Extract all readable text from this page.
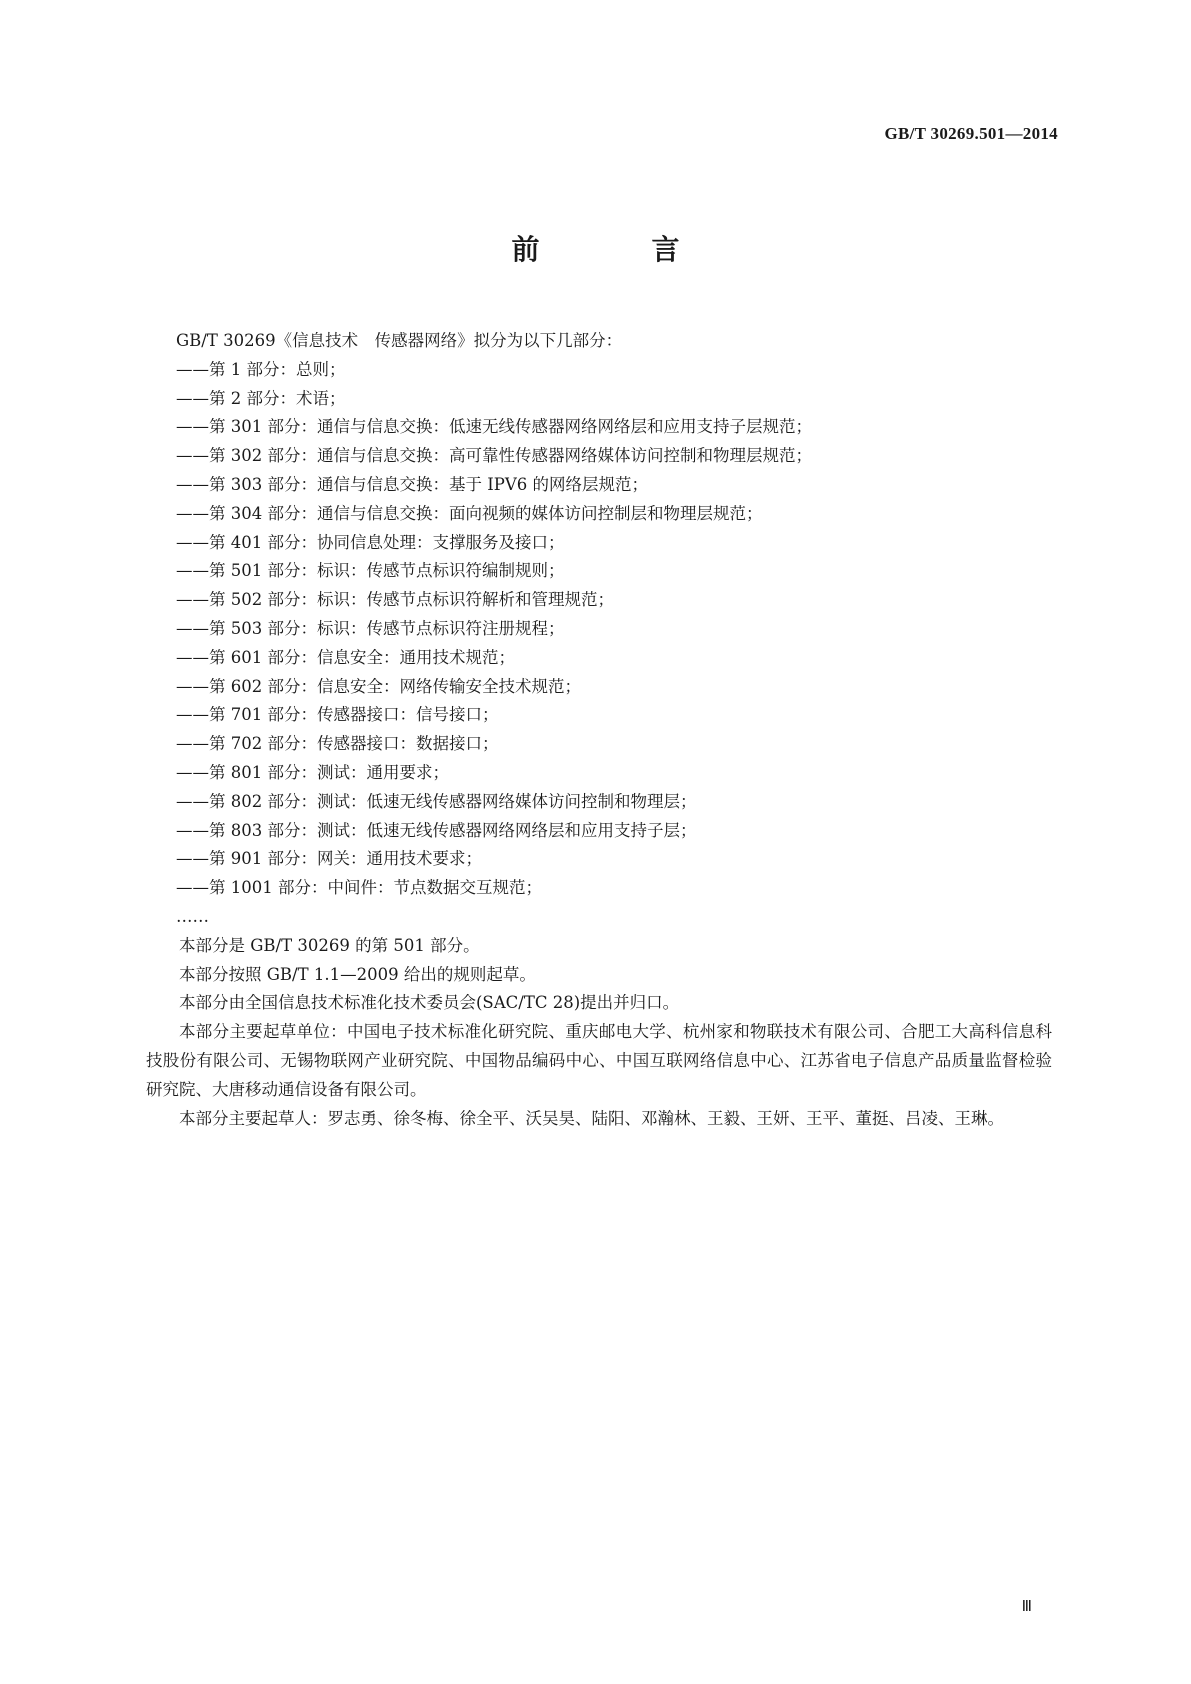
GB/T 30269.501—2014
前　言
GB/T 30269《信息技术　传感器网络》拟分为以下几部分：
——第 1 部分：总则；
——第 2 部分：术语；
——第 301 部分：通信与信息交换：低速无线传感器网络网络层和应用支持子层规范；
——第 302 部分：通信与信息交换：高可靠性传感器网络媒体访问控制和物理层规范；
——第 303 部分：通信与信息交换：基于 IPV6 的网络层规范；
——第 304 部分：通信与信息交换：面向视频的媒体访问控制层和物理层规范；
——第 401 部分：协同信息处理：支撑服务及接口；
——第 501 部分：标识：传感节点标识符编制规则；
——第 502 部分：标识：传感节点标识符解析和管理规范；
——第 503 部分：标识：传感节点标识符注册规程；
——第 601 部分：信息安全：通用技术规范；
——第 602 部分：信息安全：网络传输安全技术规范；
——第 701 部分：传感器接口：信号接口；
——第 702 部分：传感器接口：数据接口；
——第 801 部分：测试：通用要求；
——第 802 部分：测试：低速无线传感器网络媒体访问控制和物理层；
——第 803 部分：测试：低速无线传感器网络网络层和应用支持子层；
——第 901 部分：网关：通用技术要求；
——第 1001 部分：中间件：节点数据交互规范；
……

本部分是 GB/T 30269 的第 501 部分。

本部分按照 GB/T 1.1—2009 给出的规则起草。

本部分由全国信息技术标准化技术委员会(SAC/TC 28)提出并归口。

本部分主要起草单位：中国电子技术标准化研究院、重庆邮电大学、杭州家和物联技术有限公司、合肥工大高科信息科技股份有限公司、无锡物联网产业研究院、中国物品编码中心、中国互联网络信息中心、江苏省电子信息产品质量监督检验研究院、大唐移动通信设备有限公司。

本部分主要起草人：罗志勇、徐冬梅、徐全平、沃吴昊、陆阳、邓瀚林、王毅、王妍、王平、董挺、吕凌、王琳。

Ⅲ
